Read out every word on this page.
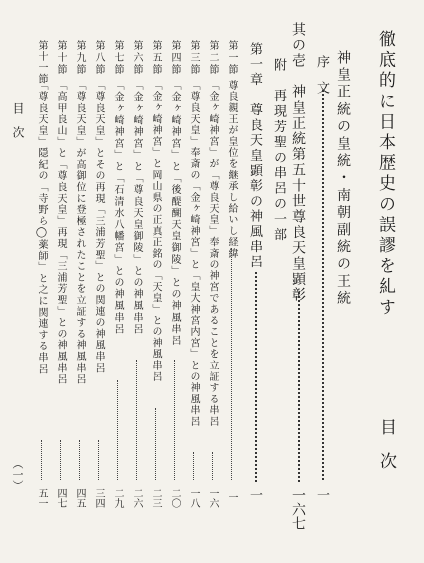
徹底的に日本歴史の誤謬を糺す
目　次
神皇正統の皇統・南朝副統の王統
序　文
一
其の壱　神皇正統第五十世尊良天皇顕彰
一六七
附　再現芳聖の串呂の一部
第一章　尊良天皇顕彰の神風串呂
一
第一節
尊良親王が皇位を継承し給いし経緯
一
第二節
「金ヶ崎神宮」が「尊良天皇」奉斎の神宮であることを立証する串呂
一六
第三節
「尊良天皇」奉斎の「金ヶ崎神宮」と「皇大神宮内宮」との神風串呂
一八
第四節
「金ヶ崎神宮」と「後醍醐天皇御陵」との神風串呂
二〇
第五節
「金ヶ崎神宮」と岡山県の正真正銘の「天皇」との神風串呂
二三
第六節
「金ヶ崎神宮」と「尊良天皇御陵」との神風串呂
二六
第七節
「金ヶ崎神宮」と「石清水八幡宮」との神風串呂
二九
第八節
「尊良天皇」とその再現「三浦芳聖」との関連の神風串呂
三四
第九節
「尊良天皇」が高御位に登極されたことを立証する神風串呂
四五
第十節
「高甲良山」と「尊良天皇」再現「三浦芳聖」との神風串呂
四七
第十一節
「尊良天皇」隠紀の「寺野ら◯薬師」と之に関連する串呂
五一
目　次
（一）
